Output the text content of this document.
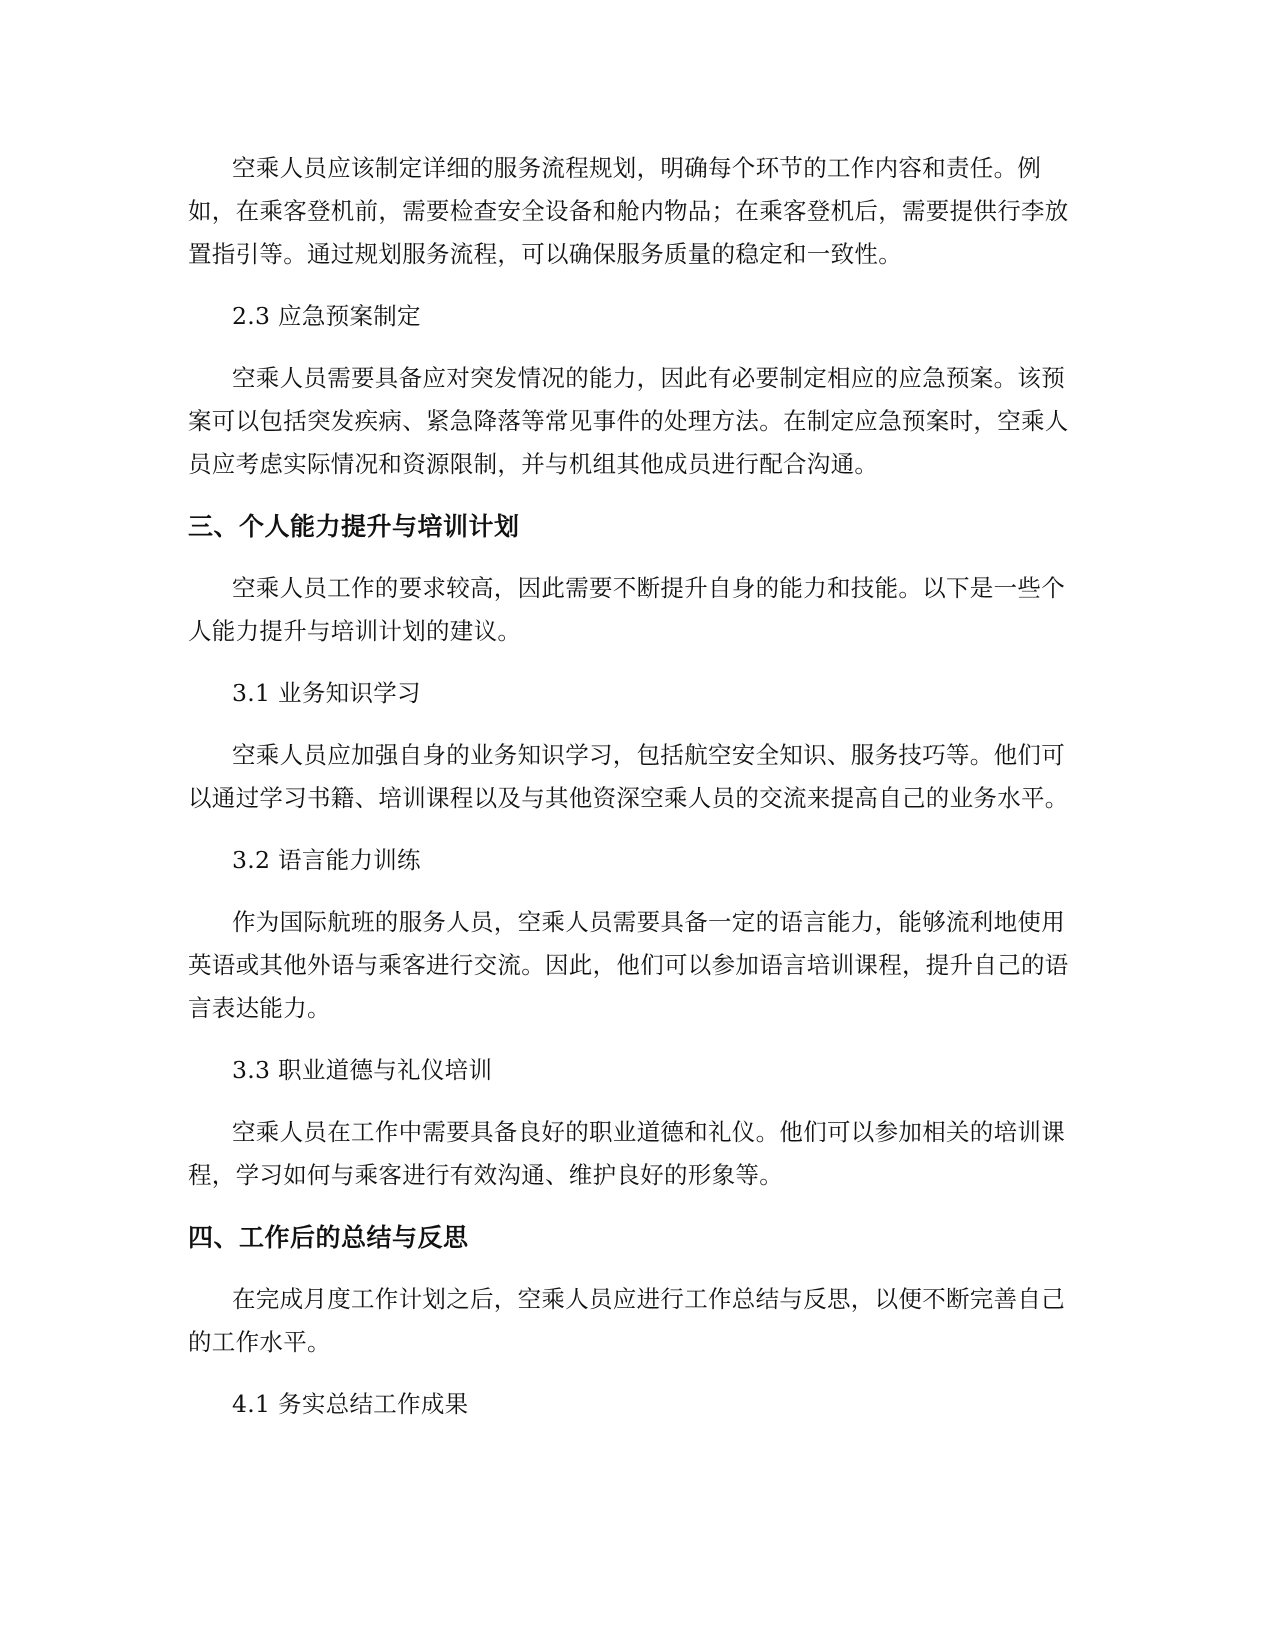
空乘人员应该制定详细的服务流程规划，明确每个环节的工作内容和责任。例如，在乘客登机前，需要检查安全设备和舱内物品；在乘客登机后，需要提供行李放置指引等。通过规划服务流程，可以确保服务质量的稳定和一致性。

2.3 应急预案制定

空乘人员需要具备应对突发情况的能力，因此有必要制定相应的应急预案。该预案可以包括突发疾病、紧急降落等常见事件的处理方法。在制定应急预案时，空乘人员应考虑实际情况和资源限制，并与机组其他成员进行配合沟通。

三、个人能力提升与培训计划

空乘人员工作的要求较高，因此需要不断提升自身的能力和技能。以下是一些个人能力提升与培训计划的建议。

3.1 业务知识学习

空乘人员应加强自身的业务知识学习，包括航空安全知识、服务技巧等。他们可以通过学习书籍、培训课程以及与其他资深空乘人员的交流来提高自己的业务水平。

3.2 语言能力训练

作为国际航班的服务人员，空乘人员需要具备一定的语言能力，能够流利地使用英语或其他外语与乘客进行交流。因此，他们可以参加语言培训课程，提升自己的语言表达能力。

3.3 职业道德与礼仪培训

空乘人员在工作中需要具备良好的职业道德和礼仪。他们可以参加相关的培训课程，学习如何与乘客进行有效沟通、维护良好的形象等。

四、工作后的总结与反思

在完成月度工作计划之后，空乘人员应进行工作总结与反思，以便不断完善自己的工作水平。

4.1 务实总结工作成果
